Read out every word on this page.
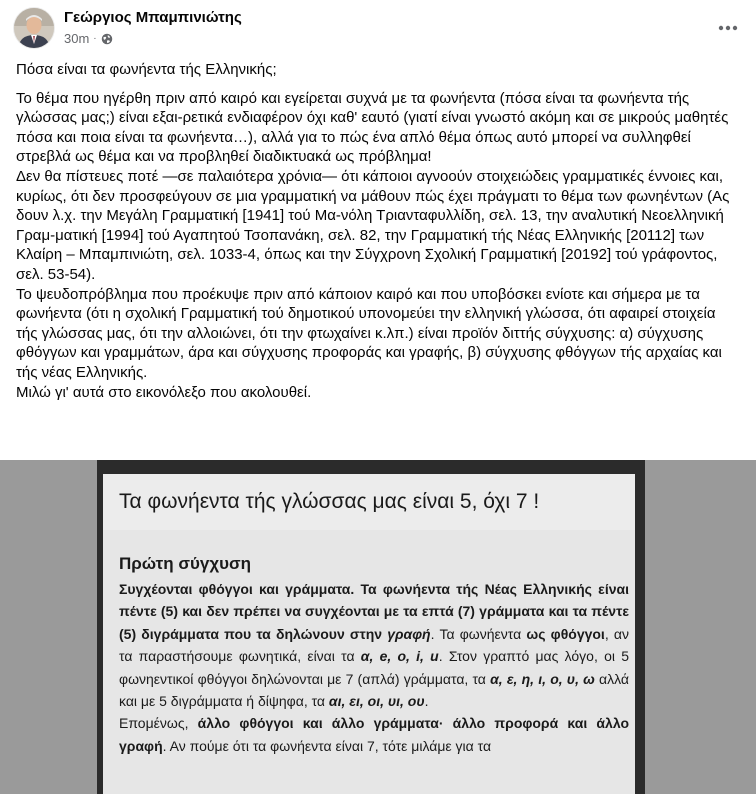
Γεώργιος Μπαμπινιώτης
30m ·

Πόσα είναι τα φωνήεντα τής Ελληνικής;

Το θέμα που ηγέρθη πριν από καιρό και εγείρεται συχνά με τα φωνήεντα (πόσα είναι τα φωνήεντα τής γλώσσας μας;) είναι εξαι-ρετικά ενδιαφέρον όχι καθ' εαυτό (γιατί είναι γνωστό ακόμη και σε μικρούς μαθητές πόσα και ποια είναι τα φωνήεντα…), αλλά για το πώς ένα απλό θέμα όπως αυτό μπορεί να συλληφθεί στρεβλά ως θέμα και να προβληθεί διαδικτυακά ως πρόβλημα!

Δεν θα πίστευες ποτέ —σε παλαιότερα χρόνια— ότι κάποιοι αγνοούν στοιχειώδεις γραμματικές έννοιες και, κυρίως, ότι δεν προσφεύγουν σε μια γραμματική να μάθουν πώς έχει πράγματι το θέμα των φωνηέντων (Ας δουν λ.χ. την Μεγάλη Γραμματική [1941] τού Μα-νόλη Τριανταφυλλίδη, σελ. 13, την αναλυτική Νεοελληνική Γραμ-ματική [1994] τού Αγαπητού Τσοπανάκη, σελ. 82, την Γραμματική τής Νέας Ελληνικής [20112] των Κλαίρη – Μπαμπινιώτη, σελ. 1033-4, όπως και την Σύγχρονη Σχολική Γραμματική [20192] τού γράφοντος, σελ. 53-54).

Το ψευδοπρόβλημα που προέκυψε πριν από κάποιον καιρό και που υποβόσκει ενίοτε και σήμερα με τα φωνήεντα (ότι η σχολική Γραμματική τού δημοτικού υπονομεύει την ελληνική γλώσσα, ότι αφαιρεί στοιχεία τής γλώσσας μας, ότι την αλλοιώνει, ότι την φτωχαίνει κ.λπ.) είναι προϊόν διττής σύγχυσης: α) σύγχυσης φθόγγων και γραμμάτων, άρα και σύγχυσης προφοράς και γραφής, β) σύγχυσης φθόγγων τής αρχαίας και τής νέας Ελληνικής.

Μιλώ γι' αυτά στο εικονόλεξο που ακολουθεί.

Τα φωνήεντα τής γλώσσας μας είναι 5, όχι 7 !
Πρώτη σύγχυση

Συγχέονται φθόγγοι και γράμματα. Τα φωνήεντα τής Νέας Ελληνικής είναι πέντε (5) και δεν πρέπει να συγχέονται με τα επτά (7) γράμματα και τα πέντε (5) διγράμματα που τα δηλώνουν στην γραφή. Τα φωνήεντα ως φθόγγοι, αν τα παραστήσουμε φωνητικά, είναι τα α, e, o, i, u. Στον γραπτό μας λόγο, οι 5 φωνηεντικοί φθόγγοι δηλώνονται με 7 (απλά) γράμματα, τα α, ε, η, ι, ο, υ, ω αλλά και με 5 διγράμματα ή δίψηφα, τα αι, ει, οι, υι, ου.

Επομένως, άλλο φθόγγοι και άλλο γράμματα· άλλο προφορά και άλλο γραφή. Αν πούμε ότι τα φωνήεντα είναι 7, τότε μιλάμε για τα
